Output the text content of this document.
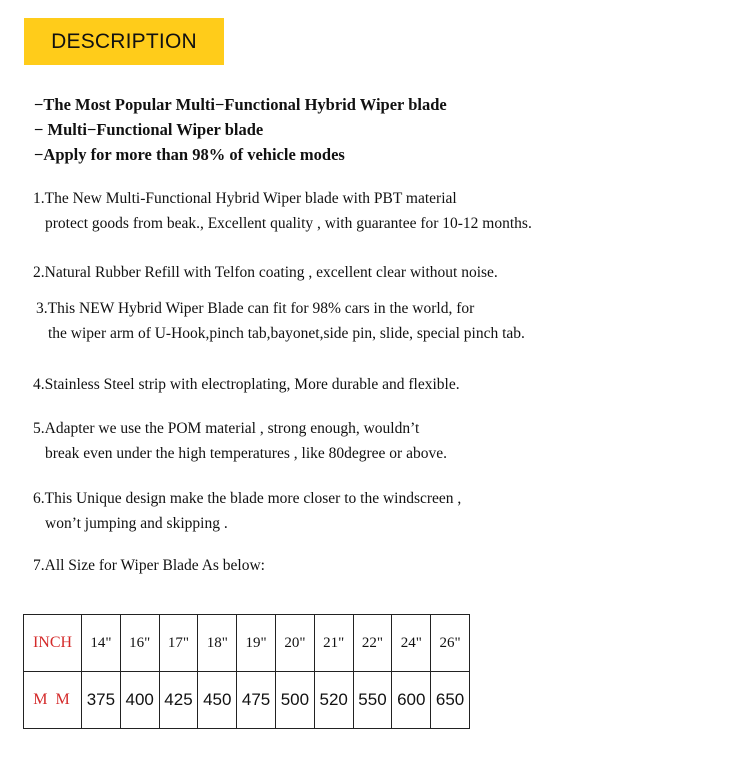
DESCRIPTION
−The Most Popular Multi−Functional Hybrid Wiper blade
− Multi−Functional Wiper blade
−Apply for more than 98% of vehicle modes
1.The New Multi-Functional Hybrid Wiper blade with PBT material
protect goods from beak., Excellent quality , with guarantee for 10-12 months.
2.Natural Rubber Refill with Telfon coating , excellent clear without noise.
3.This NEW Hybrid Wiper Blade can fit for 98% cars in the world, for
the wiper arm of U-Hook,pinch tab,bayonet,side pin, slide, special pinch tab.
4.Stainless Steel strip with electroplating, More durable and flexible.
5.Adapter we use the POM material , strong enough, wouldn’t
break even under the high temperatures , like 80degree or above.
6.This Unique design make the blade more closer to the windscreen ,
won’t jumping and skipping .
7.All Size for Wiper Blade As below:
INCH	14"	16"	17"	18"	19"	20"	21"	22"	24"	26"
MM	375	400	425	450	475	500	520	550	600	650
